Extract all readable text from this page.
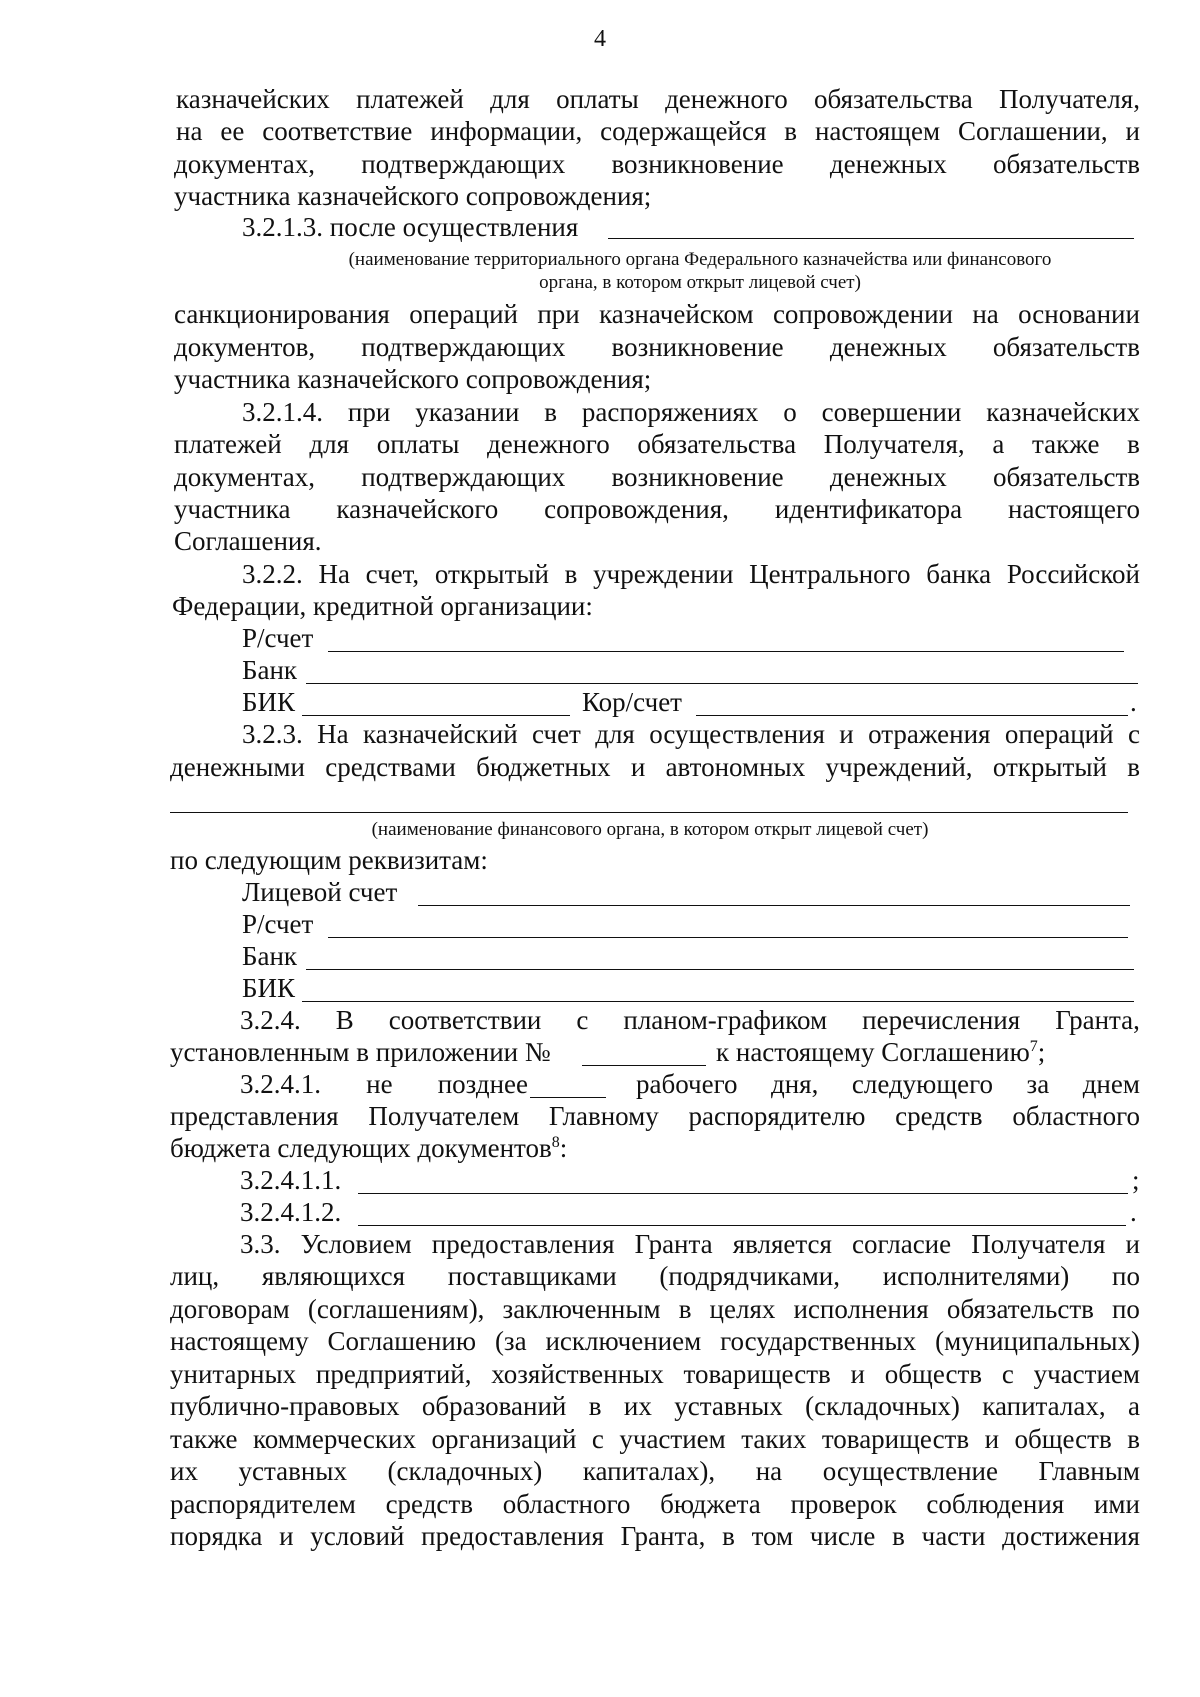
4
казначейских платежей для оплаты денежного обязательства Получателя,
на ее соответствие информации, содержащейся в настоящем Соглашении, и
документах, подтверждающих возникновение денежных обязательств
участника казначейского сопровождения;
3.2.1.3. после осуществления
(наименование территориального органа Федерального казначейства или финансового
органа, в котором открыт лицевой счет)
санкционирования операций при казначейском сопровождении на основании
документов, подтверждающих возникновение денежных обязательств
участника казначейского сопровождения;
3.2.1.4. при указании в распоряжениях о совершении казначейских
платежей для оплаты денежного обязательства Получателя, а также в
документах, подтверждающих возникновение денежных обязательств
участника казначейского сопровождения, идентификатора настоящего
Соглашения.
3.2.2. На счет, открытый в учреждении Центрального банка Российской
Федерации, кредитной организации:
Р/счет
Банк
БИК	Кор/счет	.
3.2.3. На казначейский счет для осуществления и отражения операций с
денежными средствами бюджетных и автономных учреждений, открытый в
(наименование финансового органа, в котором открыт лицевой счет)
по следующим реквизитам:
Лицевой счет
Р/счет
Банк
БИК
3.2.4. В соответствии с планом-графиком перечисления Гранта,
установленным в приложении №	к настоящему Соглашению$^7$;
3.2.4.1. не позднее	рабочего дня, следующего за днем
представления Получателем Главному распорядителю средств областного
бюджета следующих документов$^8$:
3.2.4.1.1.	;
3.2.4.1.2.	.
3.3. Условием предоставления Гранта является согласие Получателя и
лиц, являющихся поставщиками (подрядчиками, исполнителями) по
договорам (соглашениям), заключенным в целях исполнения обязательств по
настоящему Соглашению (за исключением государственных (муниципальных)
унитарных предприятий, хозяйственных товариществ и обществ с участием
публично-правовых образований в их уставных (складочных) капиталах, а
также коммерческих организаций с участием таких товариществ и обществ в
их уставных (складочных) капиталах), на осуществление Главным
распорядителем средств областного бюджета проверок соблюдения ими
порядка и условий предоставления Гранта, в том числе в части достижения
